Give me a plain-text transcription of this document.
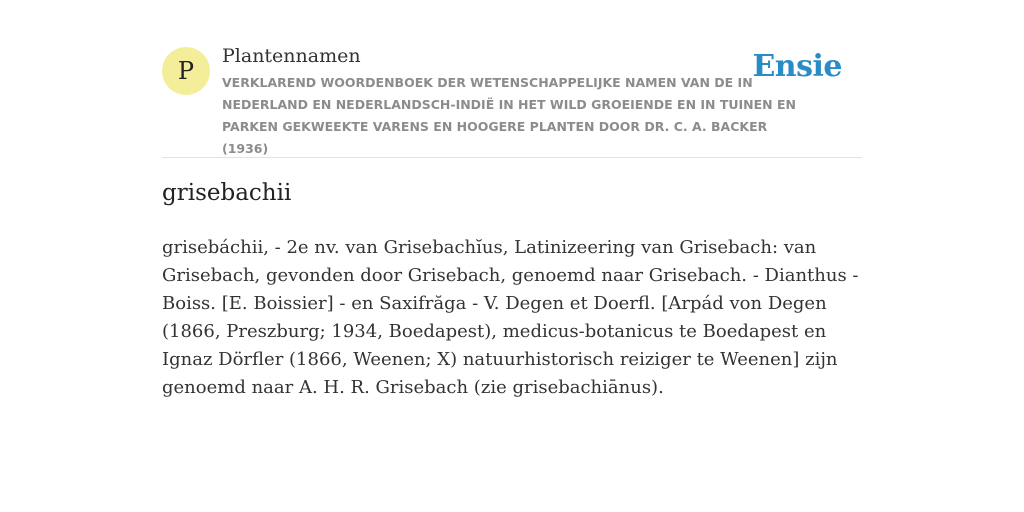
P
Plantennamen
VERKLAREND WOORDENBOEK DER WETENSCHAPPELIJKE NAMEN VAN DE IN NEDERLAND EN NEDERLANDSCH-INDIË IN HET WILD GROEIENDE EN IN TUINEN EN PARKEN GEKWEEKTE VARENS EN HOOGERE PLANTEN DOOR DR. C. A. BACKER (1936)
Ensie
grisebachii

grisebáchii, - 2e nv. van Grisebachĭus, Latinizeering van Grisebach: van Grisebach, gevonden door Grisebach, genoemd naar Grisebach. - Dianthus - Boiss. [E. Boissier] - en Saxifrăga - V. Degen et Doerfl. [Arpád von Degen (1866, Preszburg; 1934, Boedapest), medicus-botanicus te Boedapest en Ignaz Dörfler (1866, Weenen; X) natuurhistorisch reiziger te Weenen] zijn genoemd naar A. H. R. Grisebach (zie grisebachiānus).
